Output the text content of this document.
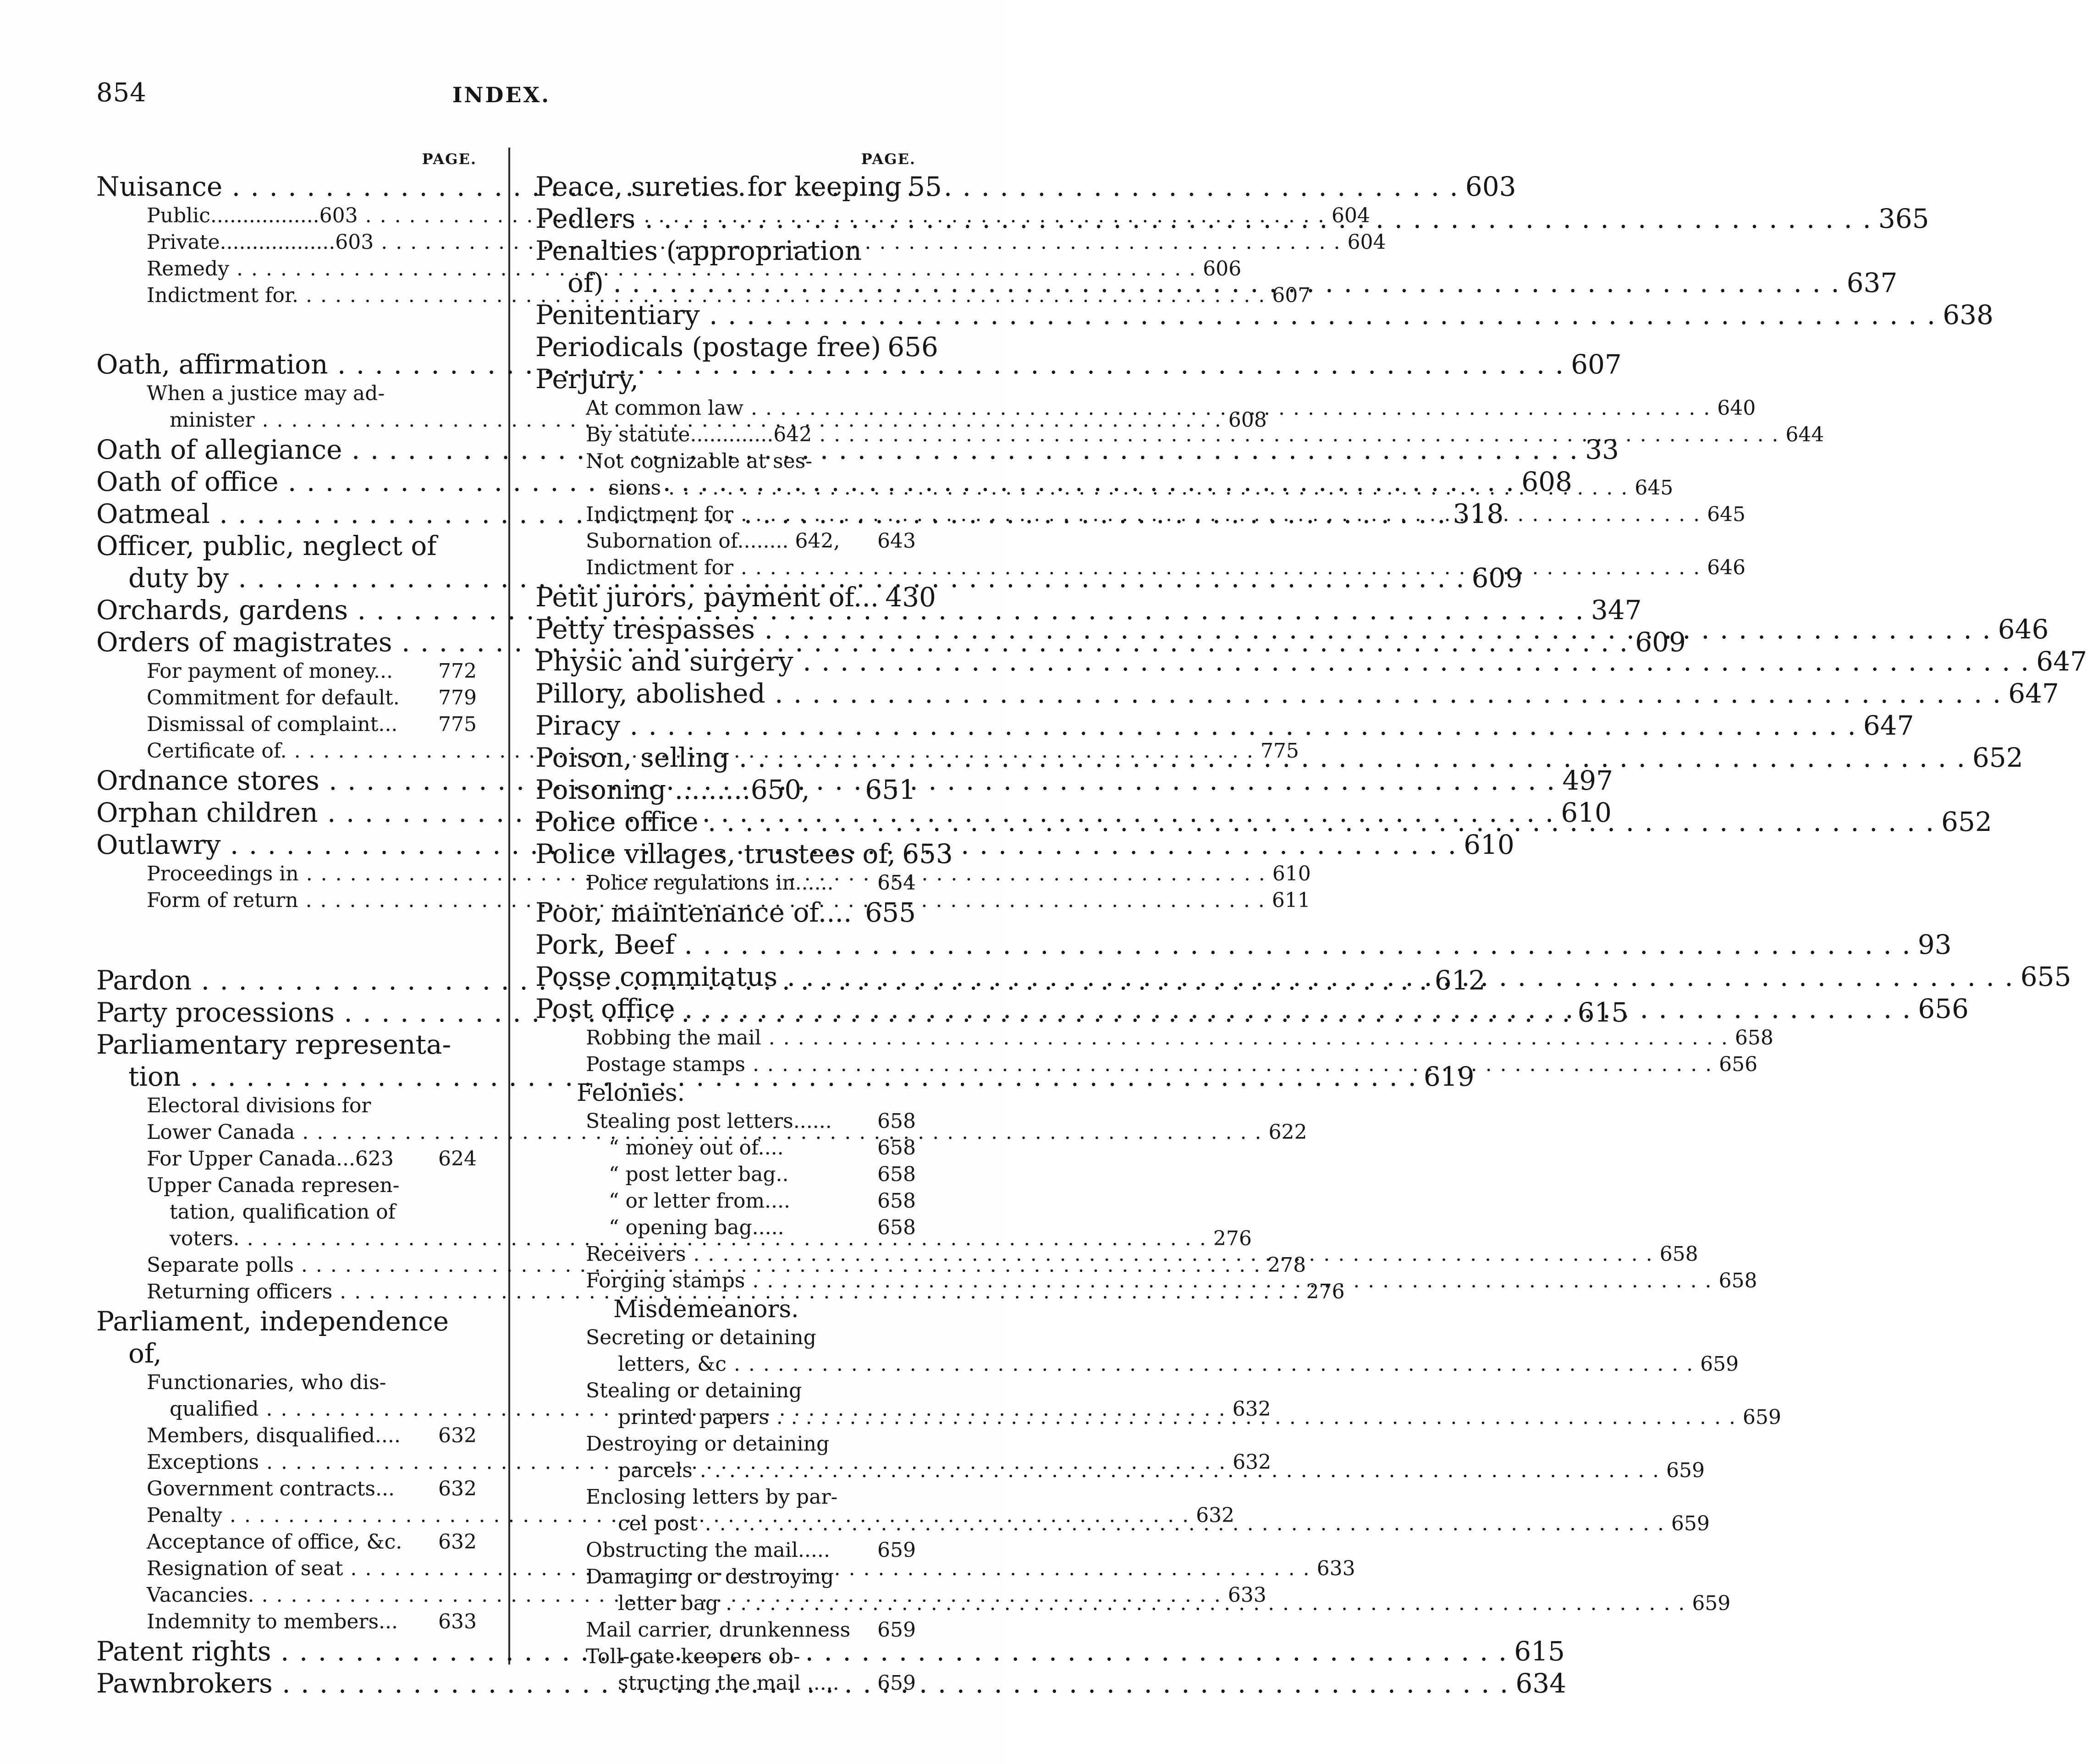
854	INDEX.
PAGE.
Nuisance . . .	603
Public.................603 . . .	604
Private..................603 . . .	604
Remedy . . .	606
Indictment for. . . .	607
Oath, affirmation . . .	607
When a justice may ad-
minister . . .	608
Oath of allegiance . . .	33
Oath of office . . .	608
Oatmeal . . .	318
Officer, public, neglect of
duty by . . .	609
Orchards, gardens . . .	347
Orders of magistrates . . .	609
For payment of money...	772
Commitment for default.	779
Dismissal of complaint...	775
Certificate of. . . .	775
Ordnance stores . . .	497
Orphan children . . .	610
Outlawry . . .	610
Proceedings in . . .	610
Form of return . . .	611
Pardon . . .	612
Party processions . . .	615
Parliamentary representa-
tion . . .	619
Electoral divisions for
Lower Canada . . .	622
For Upper Canada...623	624
Upper Canada represen-
tation, qualification of
voters. . . .	276
Separate polls . . .	278
Returning officers . . .	276
Parliament, independence
of,
Functionaries, who dis-
qualified . . .	632
Members, disqualified....	632
Exceptions . . .	632
Government contracts...	632
Penalty . . .	632
Acceptance of office, &c.	632
Resignation of seat . . .	633
Vacancies. . . .	633
Indemnity to members...	633
Patent rights . . .	615
Pawnbrokers . . .	634
PAGE.
Peace, sureties for keeping 55
Pedlers . . .	365
Penalties (appropriation
of) . . .	637
Penitentiary . . .	638
Periodicals (postage free) 656
Perjury,
At common law . . .	640
By statute.............642 . . .	644
Not cognizable at ses-
sions . . .	645
Indictment for . . .	645
Subornation of........ 642,	643
Indictment for . . .	646
Petit jurors, payment of... 430
Petty trespasses . . .	646
Physic and surgery . . .	647
Pillory, abolished . . .	647
Piracy . . .	647
Poison, selling . . .	652
Poisoning .........650,	651
Police office . . .	652
Police villages, trustees of, 653
Police regulations in......	654
Poor, maintenance of.... 655
Pork, Beef . . .	93
Posse commitatus . . .	655
Post office . . .	656
Robbing the mail . . .	658
Postage stamps . . .	656
Felonies.
Stealing post letters......	658
“ money out of....	658
“ post letter bag..	658
“ or letter from....	658
“ opening bag.....	658
Receivers . . .	658
Forging stamps . . .	658
Misdemeanors.
Secreting or detaining
letters, &c . . .	659
Stealing or detaining
printed papers . . .	659
Destroying or detaining
parcels . . .	659
Enclosing letters by par-
cel post . . .	659
Obstructing the mail.....	659
Damaging or destroying
letter bag . . .	659
Mail carrier, drunkenness	659
Toll-gate keepers ob-
structing the mail .....	659
